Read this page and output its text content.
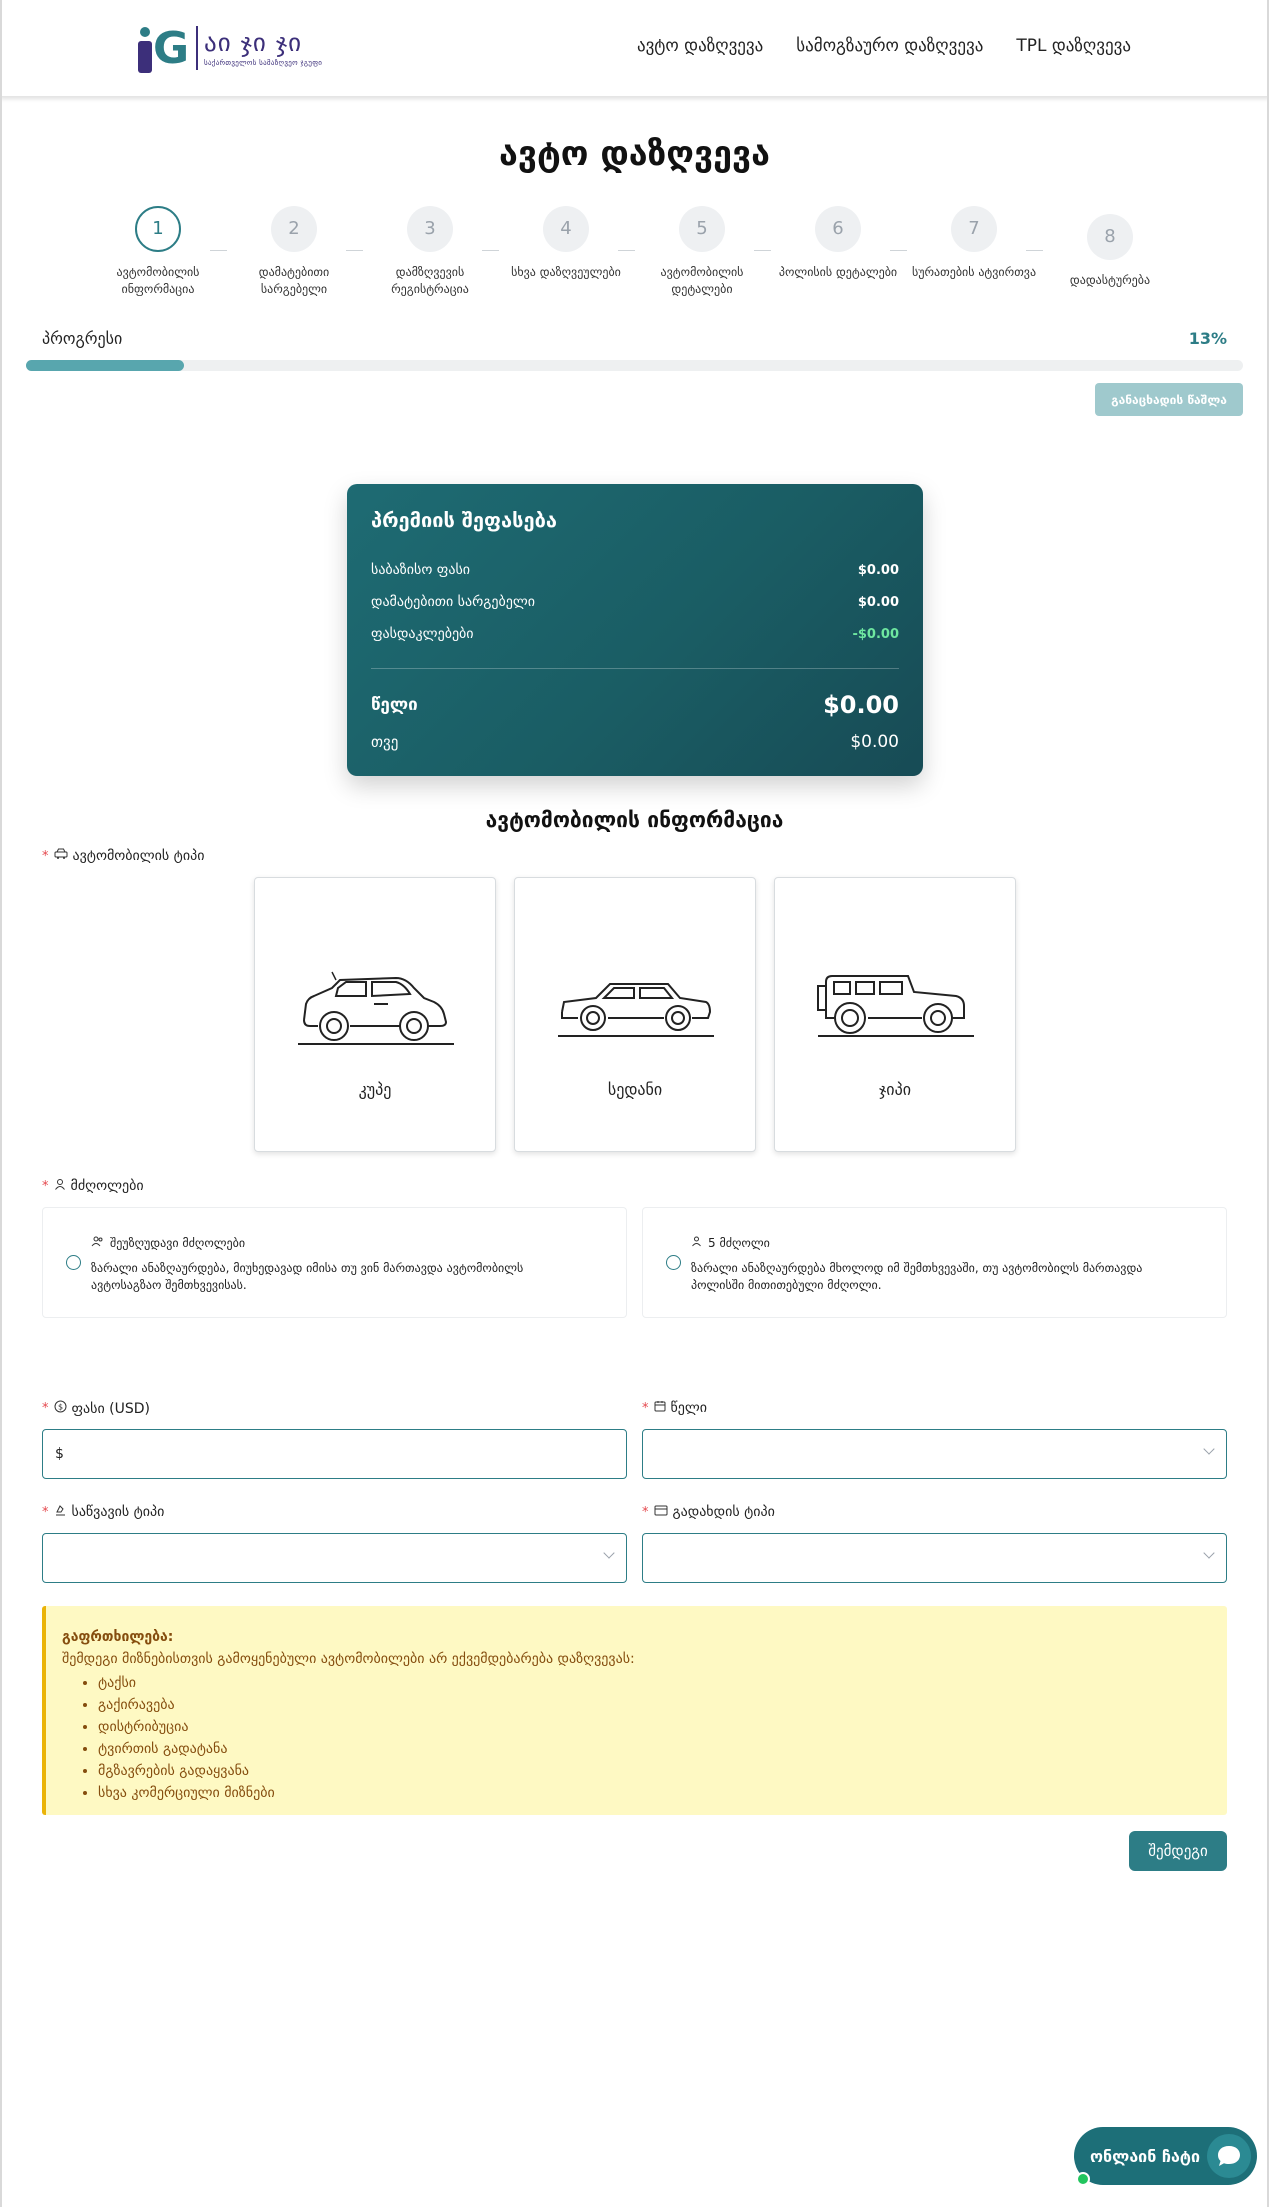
G აი ჯი ჯი
საქართველოს სამაზღვეო ჯგუფი
ავტო დაზღვევა სამოგზაურო დაზღვევა TPL დაზღვევა
ავტო დაზღვევა
1
ავტომობილის ინფორმაცია
2
დამატებითი სარგებელი
3
დამზღვევის რეგისტრაცია
4
სხვა დაზღვეულები
5
ავტომობილის დეტალები
6
პოლისის დეტალები
7
სურათების ატვირთვა
8
დადასტურება
პროგრესი	13%
განაცხადის წაშლა
პრემიის შეფასება
საბაზისო ფასი	$0.00
დამატებითი სარგებელი	$0.00
ფასდაკლებები	-$0.00
წელი	$0.00
თვე	$0.00
ავტომობილის ინფორმაცია
* ავტომობილის ტიპი
კუპე	სედანი	ჯიპი
* მძღოლები
შეუზღუდავი მძღოლები
ზარალი ანაზღაურდება, მიუხედავად იმისა თუ ვინ მართავდა ავტომობილს ავტოსაგზაო შემთხვევისას.
5 მძღოლი
ზარალი ანაზღაურდება მხოლოდ იმ შემთხვევაში, თუ ავტომობილს მართავდა პოლისში მითითებული მძღოლი.
* $ ფასი (USD)
$
* წელი
* საწვავის ტიპი	* გადახდის ტიპი
გაფრთხილება:
შემდეგი მიზნებისთვის გამოყენებული ავტომობილები არ ექვემდებარება დაზღვევას:
• ტაქსი
• გაქირავება
• დისტრიბუცია
• ტვირთის გადატანა
• მგზავრების გადაყვანა
• სხვა კომერციული მიზნები
შემდეგი
ონლაინ ჩატი
